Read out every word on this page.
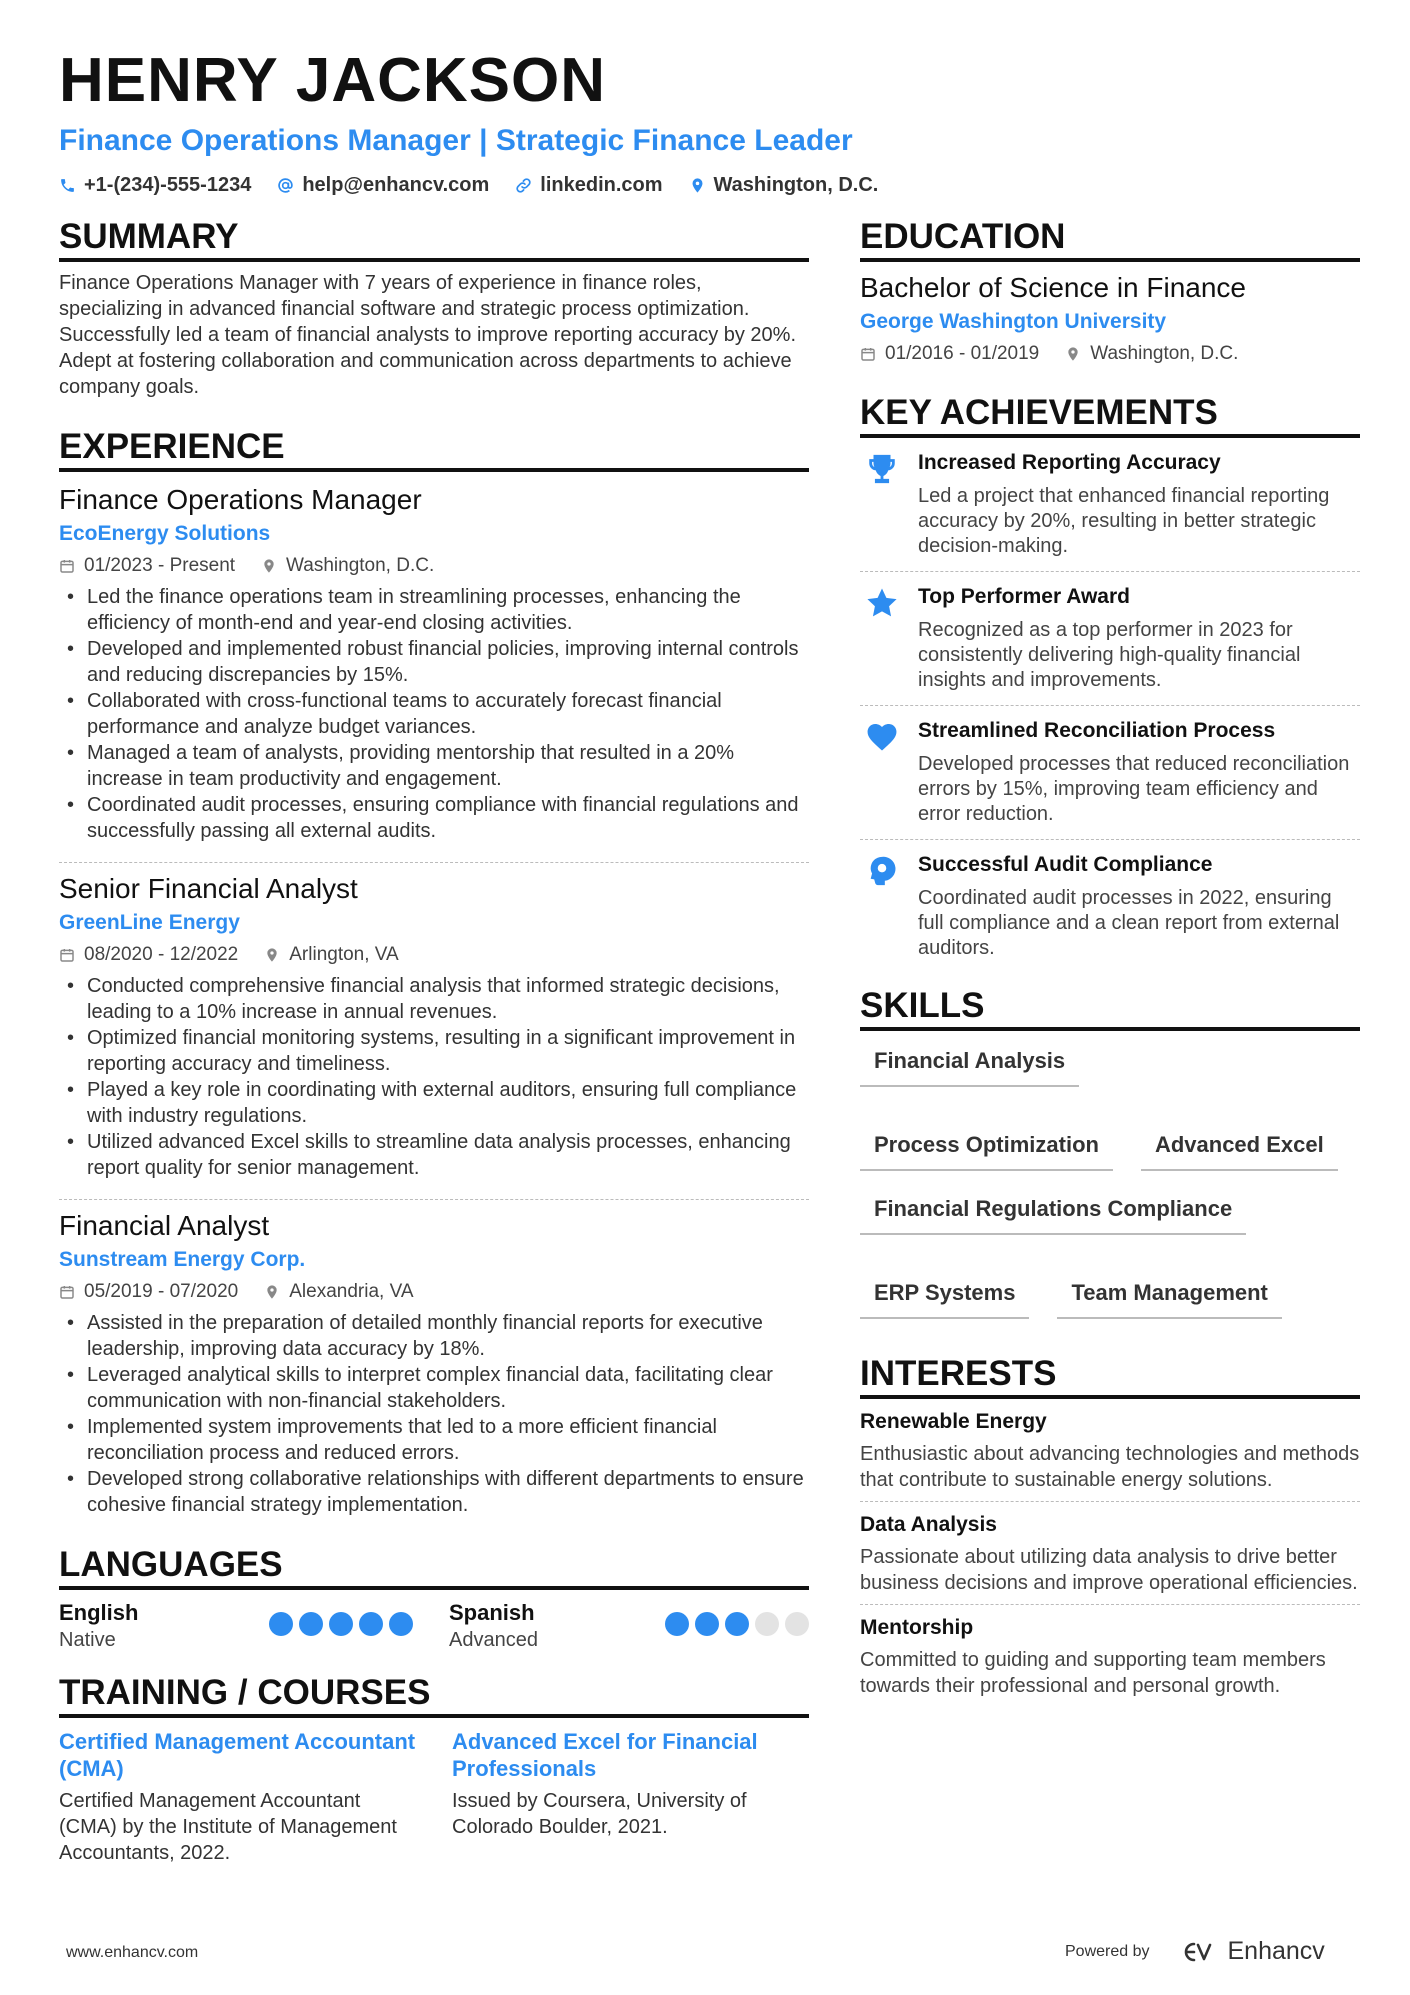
HENRY JACKSON
Finance Operations Manager | Strategic Finance Leader
+1-(234)-555-1234	help@enhancv.com	linkedin.com	Washington, D.C.
SUMMARY
Finance Operations Manager with 7 years of experience in finance roles, specializing in advanced financial software and strategic process optimization. Successfully led a team of financial analysts to improve reporting accuracy by 20%. Adept at fostering collaboration and communication across departments to achieve company goals.
EXPERIENCE
Finance Operations Manager
EcoEnergy Solutions
01/2023 - Present	Washington, D.C.
• Led the finance operations team in streamlining processes, enhancing the efficiency of month-end and year-end closing activities.
• Developed and implemented robust financial policies, improving internal controls and reducing discrepancies by 15%.
• Collaborated with cross-functional teams to accurately forecast financial performance and analyze budget variances.
• Managed a team of analysts, providing mentorship that resulted in a 20% increase in team productivity and engagement.
• Coordinated audit processes, ensuring compliance with financial regulations and successfully passing all external audits.
Senior Financial Analyst
GreenLine Energy
08/2020 - 12/2022	Arlington, VA
• Conducted comprehensive financial analysis that informed strategic decisions, leading to a 10% increase in annual revenues.
• Optimized financial monitoring systems, resulting in a significant improvement in reporting accuracy and timeliness.
• Played a key role in coordinating with external auditors, ensuring full compliance with industry regulations.
• Utilized advanced Excel skills to streamline data analysis processes, enhancing report quality for senior management.
Financial Analyst
Sunstream Energy Corp.
05/2019 - 07/2020	Alexandria, VA
• Assisted in the preparation of detailed monthly financial reports for executive leadership, improving data accuracy by 18%.
• Leveraged analytical skills to interpret complex financial data, facilitating clear communication with non-financial stakeholders.
• Implemented system improvements that led to a more efficient financial reconciliation process and reduced errors.
• Developed strong collaborative relationships with different departments to ensure cohesive financial strategy implementation.
LANGUAGES
English
Native
Spanish
Advanced
TRAINING / COURSES
Certified Management Accountant (CMA)
Certified Management Accountant (CMA) by the Institute of Management Accountants, 2022.
Advanced Excel for Financial Professionals
Issued by Coursera, University of Colorado Boulder, 2021.
EDUCATION
Bachelor of Science in Finance
George Washington University
01/2016 - 01/2019	Washington, D.C.
KEY ACHIEVEMENTS
Increased Reporting Accuracy
Led a project that enhanced financial reporting accuracy by 20%, resulting in better strategic decision-making.
Top Performer Award
Recognized as a top performer in 2023 for consistently delivering high-quality financial insights and improvements.
Streamlined Reconciliation Process
Developed processes that reduced reconciliation errors by 15%, improving team efficiency and error reduction.
Successful Audit Compliance
Coordinated audit processes in 2022, ensuring full compliance and a clean report from external auditors.
SKILLS
Financial Analysis
Process Optimization	Advanced Excel
Financial Regulations Compliance
ERP Systems	Team Management
INTERESTS
Renewable Energy
Enthusiastic about advancing technologies and methods that contribute to sustainable energy solutions.
Data Analysis
Passionate about utilizing data analysis to drive better business decisions and improve operational efficiencies.
Mentorship
Committed to guiding and supporting team members towards their professional and personal growth.
www.enhancv.com	Powered by	Enhancv
